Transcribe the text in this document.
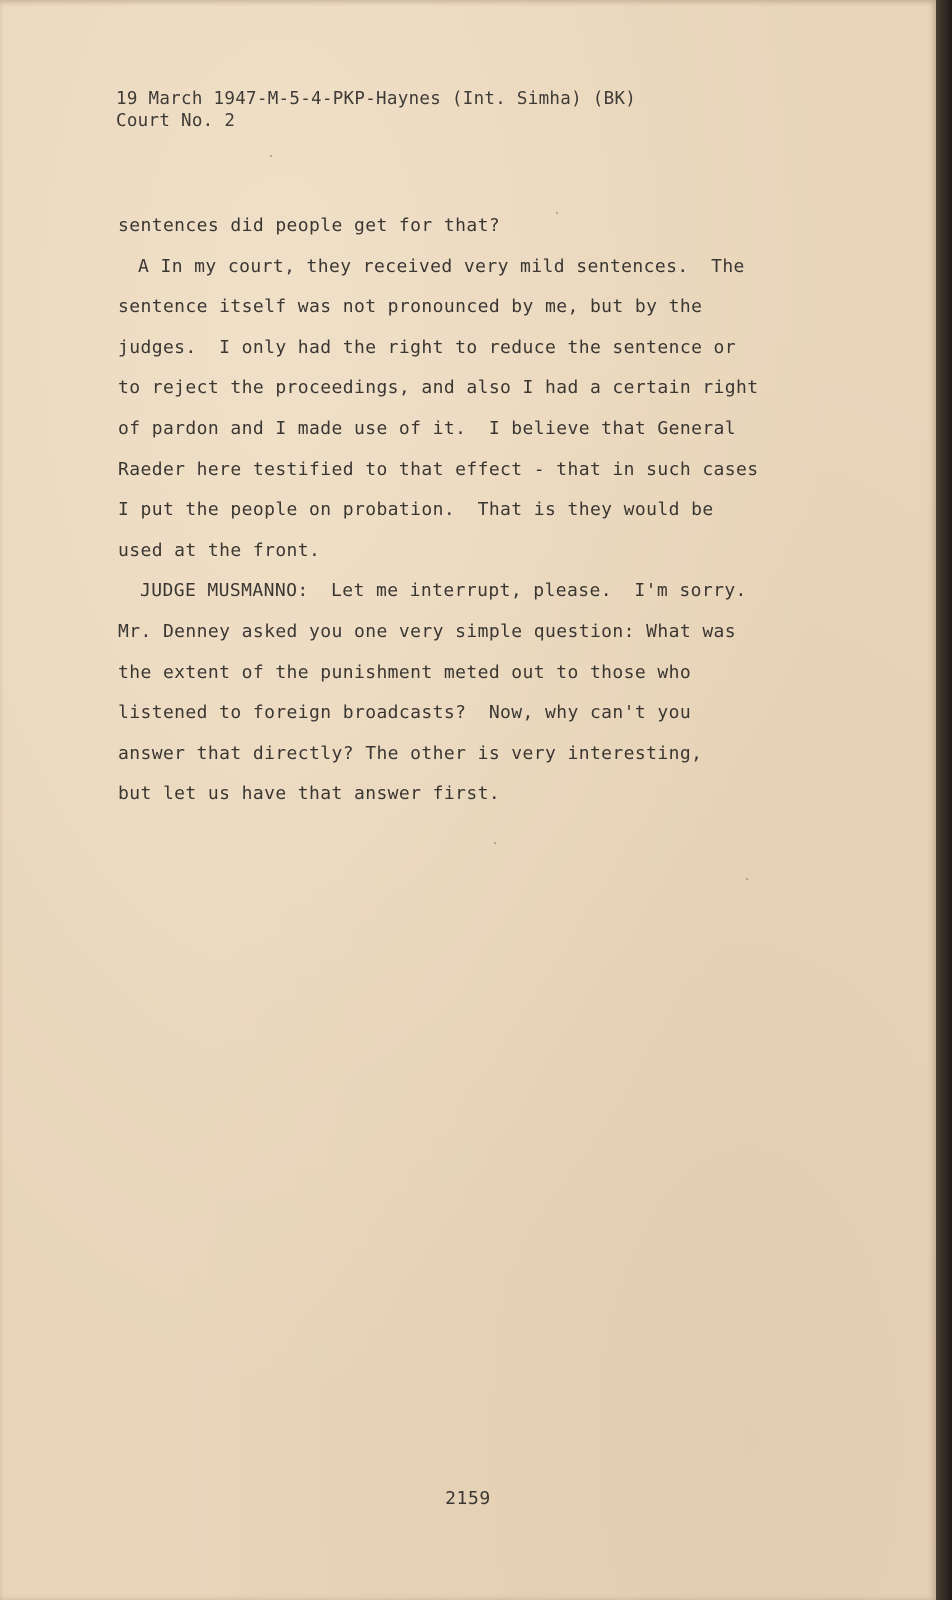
19 March 1947-M-5-4-PKP-Haynes (Int. Simha) (BK)
Court No. 2
sentences did people get for that?
A In my court, they received very mild sentences.  The
sentence itself was not pronounced by me, but by the
judges.  I only had the right to reduce the sentence or
to reject the proceedings, and also I had a certain right
of pardon and I made use of it.  I believe that General
Raeder here testified to that effect - that in such cases
I put the people on probation.  That is they would be
used at the front.
JUDGE MUSMANNO:  Let me interrupt, please.  I'm sorry.
Mr. Denney asked you one very simple question: What was
the extent of the punishment meted out to those who
listened to foreign broadcasts?  Now, why can't you
answer that directly? The other is very interesting,
but let us have that answer first.
2159
